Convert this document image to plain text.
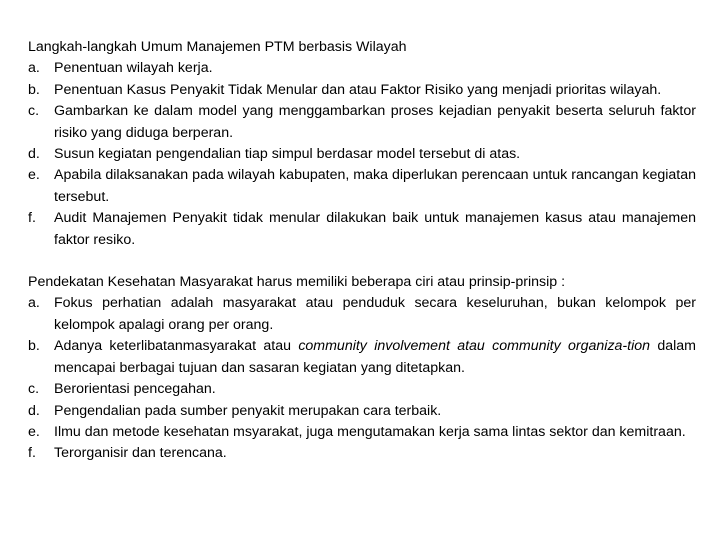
Langkah-langkah Umum Manajemen PTM berbasis Wilayah

a. Penentuan wilayah kerja.
b. Penentuan Kasus Penyakit Tidak Menular dan atau Faktor Risiko yang menjadi prioritas wilayah.
c. Gambarkan ke dalam model yang menggambarkan proses kejadian penyakit beserta seluruh faktor risiko yang diduga berperan.
d. Susun kegiatan pengendalian tiap simpul berdasar model tersebut di atas.
e. Apabila dilaksanakan pada wilayah kabupaten, maka diperlukan perencaan untuk rancangan kegiatan tersebut.
f. Audit Manajemen Penyakit tidak menular dilakukan baik untuk manajemen kasus atau manajemen faktor resiko.

Pendekatan Kesehatan Masyarakat harus memiliki beberapa ciri atau prinsip-prinsip :

a. Fokus perhatian adalah masyarakat atau penduduk secara keseluruhan, bukan kelompok per kelompok apalagi orang per orang.
b. Adanya keterlibatanmasyarakat atau community involvement atau community organiza-tion dalam mencapai berbagai tujuan dan sasaran kegiatan yang ditetapkan.
c. Berorientasi pencegahan.
d. Pengendalian pada sumber penyakit merupakan cara terbaik.
e. Ilmu dan metode kesehatan msyarakat, juga mengutamakan kerja sama lintas sektor dan kemitraan.
f. Terorganisir dan terencana.
